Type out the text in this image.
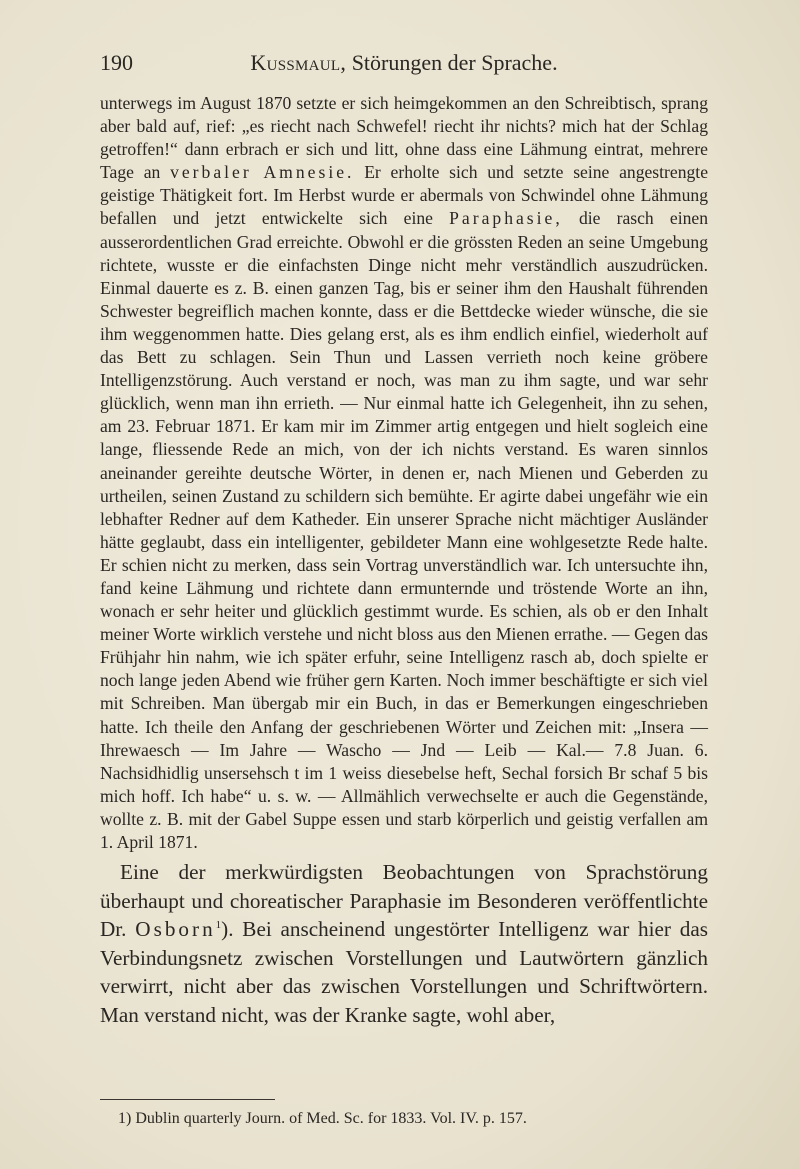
190	Kussmaul, Störungen der Sprache.

unterwegs im August 1870 setzte er sich heimgekommen an den Schreibtisch, sprang aber bald auf, rief: „es riecht nach Schwefel! riecht ihr nichts? mich hat der Schlag getroffen!“ dann erbrach er sich und litt, ohne dass eine Lähmung eintrat, mehrere Tage an verbaler Amnesie. Er erholte sich und setzte seine angestrengte geistige Thätigkeit fort. Im Herbst wurde er abermals von Schwindel ohne Lähmung befallen und jetzt entwickelte sich eine Paraphasie, die rasch einen ausserordentlichen Grad erreichte. Obwohl er die grössten Reden an seine Umgebung richtete, wusste er die einfachsten Dinge nicht mehr verständlich auszudrücken. Einmal dauerte es z. B. einen ganzen Tag, bis er seiner ihm den Haushalt führenden Schwester begreiflich machen konnte, dass er die Bettdecke wieder wünsche, die sie ihm weggenommen hatte. Dies gelang erst, als es ihm endlich einfiel, wiederholt auf das Bett zu schlagen. Sein Thun und Lassen verrieth noch keine gröbere Intelligenzstörung. Auch verstand er noch, was man zu ihm sagte, und war sehr glücklich, wenn man ihn errieth. — Nur einmal hatte ich Gelegenheit, ihn zu sehen, am 23. Februar 1871. Er kam mir im Zimmer artig entgegen und hielt sogleich eine lange, fliessende Rede an mich, von der ich nichts verstand. Es waren sinnlos aneinander gereihte deutsche Wörter, in denen er, nach Mienen und Geberden zu urtheilen, seinen Zustand zu schildern sich bemühte. Er agirte dabei ungefähr wie ein lebhafter Redner auf dem Katheder. Ein unserer Sprache nicht mächtiger Ausländer hätte geglaubt, dass ein intelligenter, gebildeter Mann eine wohlgesetzte Rede halte. Er schien nicht zu merken, dass sein Vortrag unverständlich war. Ich untersuchte ihn, fand keine Lähmung und richtete dann ermunternde und tröstende Worte an ihn, wonach er sehr heiter und glücklich gestimmt wurde. Es schien, als ob er den Inhalt meiner Worte wirklich verstehe und nicht bloss aus den Mienen errathe. — Gegen das Frühjahr hin nahm, wie ich später erfuhr, seine Intelligenz rasch ab, doch spielte er noch lange jeden Abend wie früher gern Karten. Noch immer beschäftigte er sich viel mit Schreiben. Man übergab mir ein Buch, in das er Bemerkungen eingeschrieben hatte. Ich theile den Anfang der geschriebenen Wörter und Zeichen mit: „Insera — Ihrewaesch — Im Jahre — Wascho — Jnd — Leib — Kal.— 7.8 Juan. 6. Nachsidhidlig unsersehsch t im 1 weiss diesebelse heft, Sechal forsich Br schaf 5 bis mich hoff. Ich habe“ u. s. w. — Allmählich verwechselte er auch die Gegenstände, wollte z. B. mit der Gabel Suppe essen und starb körperlich und geistig verfallen am 1. April 1871.

Eine der merkwürdigsten Beobachtungen von Sprachstörung überhaupt und choreatischer Paraphasie im Besonderen veröffentlichte Dr. Osborn$^1$). Bei anscheinend ungestörter Intelligenz war hier das Verbindungsnetz zwischen Vorstellungen und Lautwörtern gänzlich verwirrt, nicht aber das zwischen Vorstellungen und Schriftwörtern. Man verstand nicht, was der Kranke sagte, wohl aber,

1) Dublin quarterly Journ. of Med. Sc. for 1833. Vol. IV. p. 157.
